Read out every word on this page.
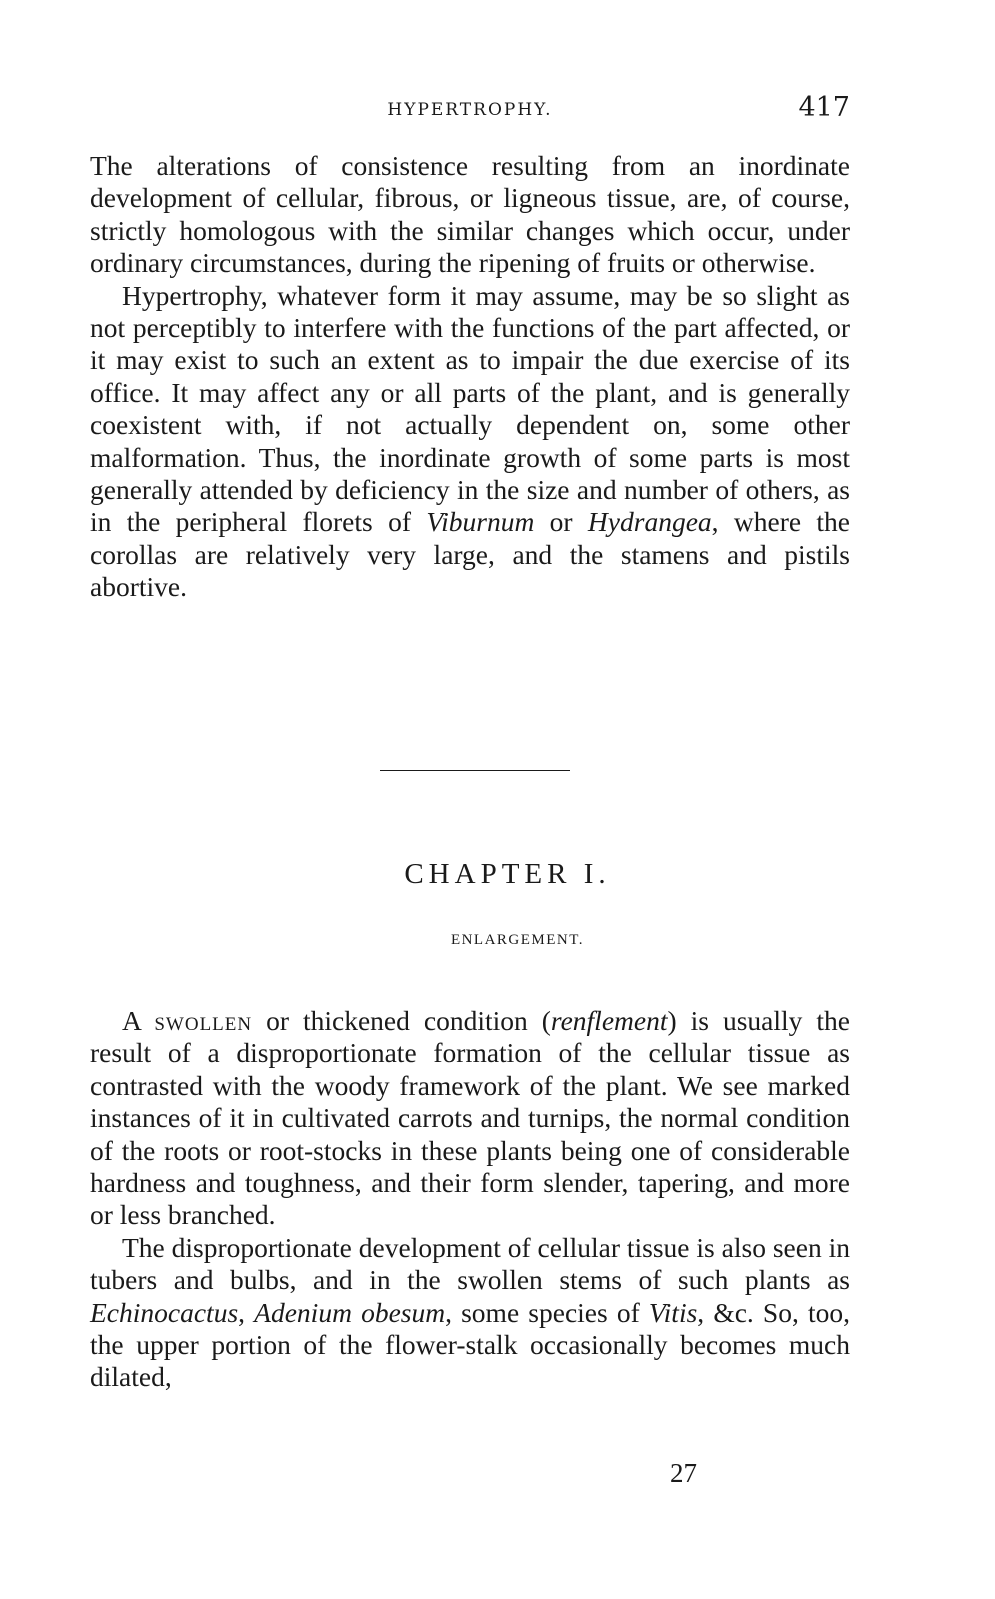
HYPERTROPHY.	417

The alterations of consistence resulting from an inordinate development of cellular, fibrous, or ligneous tissue, are, of course, strictly homologous with the similar changes which occur, under ordinary circumstances, during the ripening of fruits or otherwise.

Hypertrophy, whatever form it may assume, may be so slight as not perceptibly to interfere with the functions of the part affected, or it may exist to such an extent as to impair the due exercise of its office. It may affect any or all parts of the plant, and is generally coexistent with, if not actually dependent on, some other malformation. Thus, the inordinate growth of some parts is most generally attended by deficiency in the size and number of others, as in the peripheral florets of Viburnum or Hydrangea, where the corollas are relatively very large, and the stamens and pistils abortive.

CHAPTER I.
ENLARGEMENT.

A swollen or thickened condition (renflement) is usually the result of a disproportionate formation of the cellular tissue as contrasted with the woody framework of the plant. We see marked instances of it in cultivated carrots and turnips, the normal condition of the roots or root-stocks in these plants being one of considerable hardness and toughness, and their form slender, tapering, and more or less branched.

The disproportionate development of cellular tissue is also seen in tubers and bulbs, and in the swollen stems of such plants as Echinocactus, Adenium obesum, some species of Vitis, &c. So, too, the upper portion of the flower-stalk occasionally becomes much dilated,

27
